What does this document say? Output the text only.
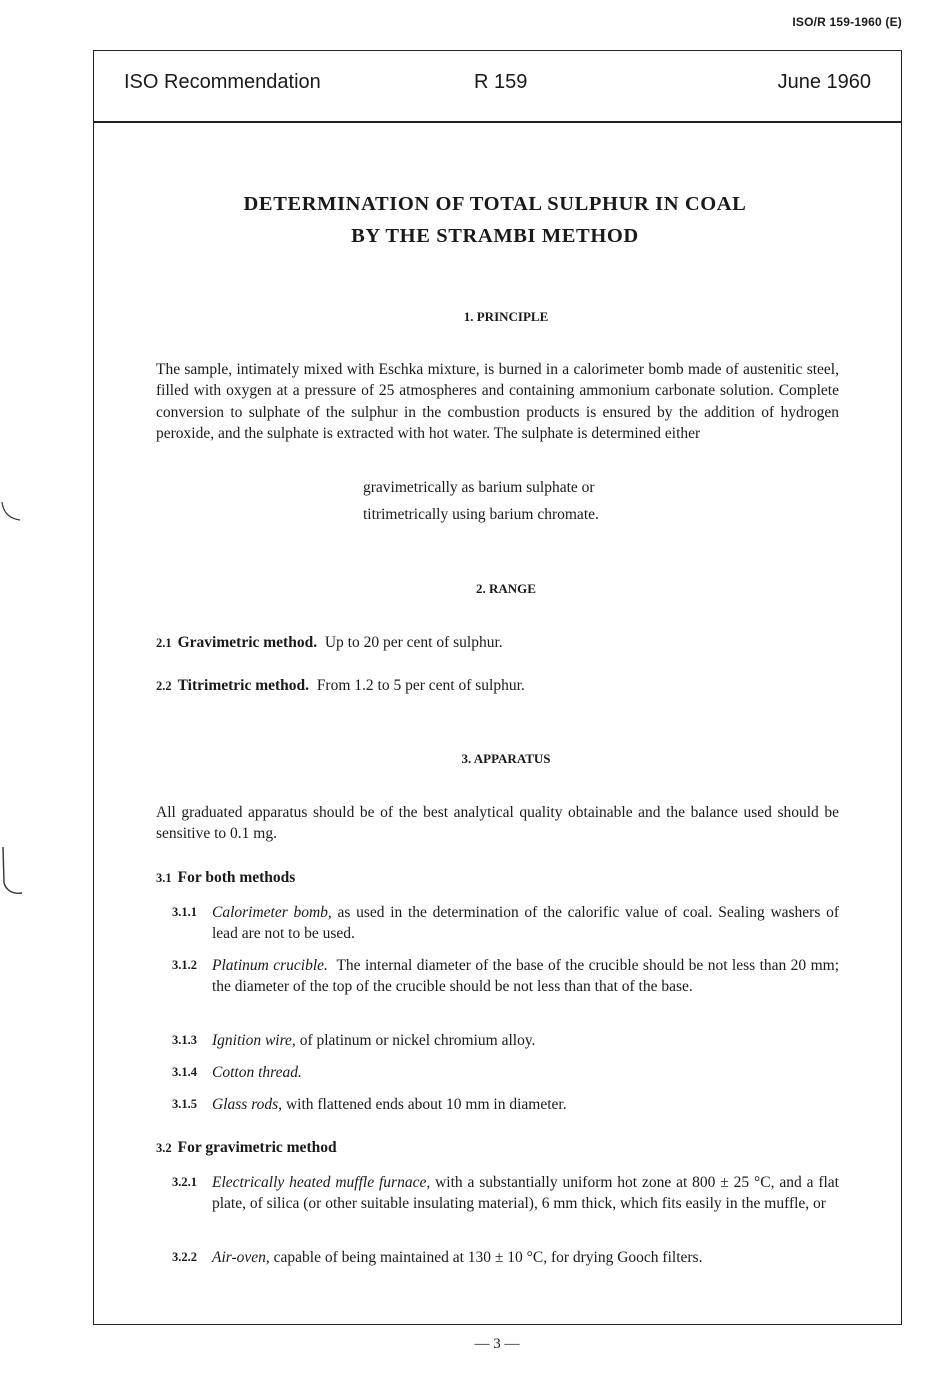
ISO/R 159-1960 (E)
ISO Recommendation	R 159	June 1960
DETERMINATION OF TOTAL SULPHUR IN COAL
BY THE STRAMBI METHOD
1. PRINCIPLE
The sample, intimately mixed with Eschka mixture, is burned in a calorimeter bomb made of austenitic steel, filled with oxygen at a pressure of 25 atmospheres and containing ammonium carbonate solution. Complete conversion to sulphate of the sulphur in the combustion products is ensured by the addition of hydrogen peroxide, and the sulphate is extracted with hot water. The sulphate is determined either
gravimetrically as barium sulphate or
titrimetrically using barium chromate.
2. RANGE
2.1 Gravimetric method. Up to 20 per cent of sulphur.
2.2 Titrimetric method. From 1.2 to 5 per cent of sulphur.
3. APPARATUS
All graduated apparatus should be of the best analytical quality obtainable and the balance used should be sensitive to 0.1 mg.
3.1 For both methods
3.1.1 Calorimeter bomb, as used in the determination of the calorific value of coal. Sealing washers of lead are not to be used.
3.1.2 Platinum crucible. The internal diameter of the base of the crucible should be not less than 20 mm; the diameter of the top of the crucible should be not less than that of the base.
3.1.3 Ignition wire, of platinum or nickel chromium alloy.
3.1.4 Cotton thread.
3.1.5 Glass rods, with flattened ends about 10 mm in diameter.
3.2 For gravimetric method
3.2.1 Electrically heated muffle furnace, with a substantially uniform hot zone at 800 ± 25 °C, and a flat plate, of silica (or other suitable insulating material), 6 mm thick, which fits easily in the muffle, or
3.2.2 Air-oven, capable of being maintained at 130 ± 10 °C, for drying Gooch filters.
— 3 —
